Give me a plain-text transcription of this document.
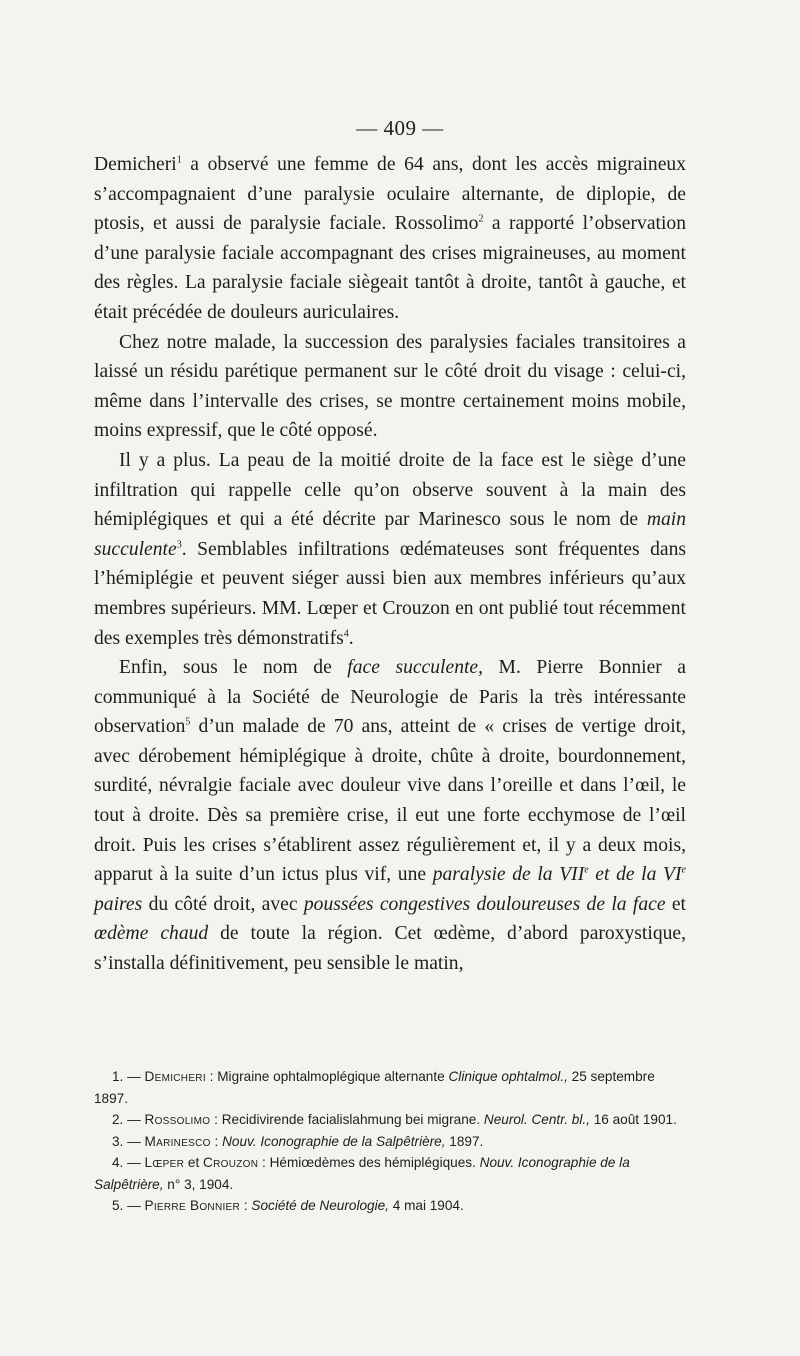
— 409 —

Demicheri$^1$ a observé une femme de 64 ans, dont les accès migraineux s’accompagnaient d’une paralysie oculaire alternante, de diplopie, de ptosis, et aussi de paralysie faciale. Rossolimo$^2$ a rapporté l’observation d’une paralysie faciale accompagnant des crises migraineuses, au moment des règles. La paralysie faciale siègeait tantôt à droite, tantôt à gauche, et était précédée de douleurs auriculaires.

Chez notre malade, la succession des paralysies faciales transitoires a laissé un résidu parétique permanent sur le côté droit du visage : celui-ci, même dans l’intervalle des crises, se montre certainement moins mobile, moins expressif, que le côté opposé.

Il y a plus. La peau de la moitié droite de la face est le siège d’une infiltration qui rappelle celle qu’on observe souvent à la main des hémiplégiques et qui a été décrite par Marinesco sous le nom de main succulente$^3$. Semblables infiltrations œdémateuses sont fréquentes dans l’hémiplégie et peuvent siéger aussi bien aux membres inférieurs qu’aux membres supérieurs. MM. Lœper et Crouzon en ont publié tout récemment des exemples très démonstratifs$^4$.

Enfin, sous le nom de face succulente, M. Pierre Bonnier a communiqué à la Société de Neurologie de Paris la très intéressante observation$^5$ d’un malade de 70 ans, atteint de « crises de vertige droit, avec dérobement hémiplégique à droite, chûte à droite, bourdonnement, surdité, névralgie faciale avec douleur vive dans l’oreille et dans l’œil, le tout à droite. Dès sa première crise, il eut une forte ecchymose de l’œil droit. Puis les crises s’établirent assez régulièrement et, il y a deux mois, apparut à la suite d’un ictus plus vif, une paralysie de la VIIe et de la VIe paires du côté droit, avec poussées congestives douloureuses de la face et œdème chaud de toute la région. Cet œdème, d’abord paroxystique, s’installa définitivement, peu sensible le matin,

1. — Demicheri : Migraine ophtalmoplégique alternante Clinique ophtalmol., 25 septembre 1897.

2. — Rossolimo : Recidivirende facialislahmung bei migrane. Neurol. Centr. bl., 16 août 1901.

3. — Marinesco : Nouv. Iconographie de la Salpêtrière, 1897.

4. — Lœper et Crouzon : Hémiœdèmes des hémiplégiques. Nouv. Iconographie de la Salpêtrière, n° 3, 1904.

5. — Pierre Bonnier : Société de Neurologie, 4 mai 1904.
